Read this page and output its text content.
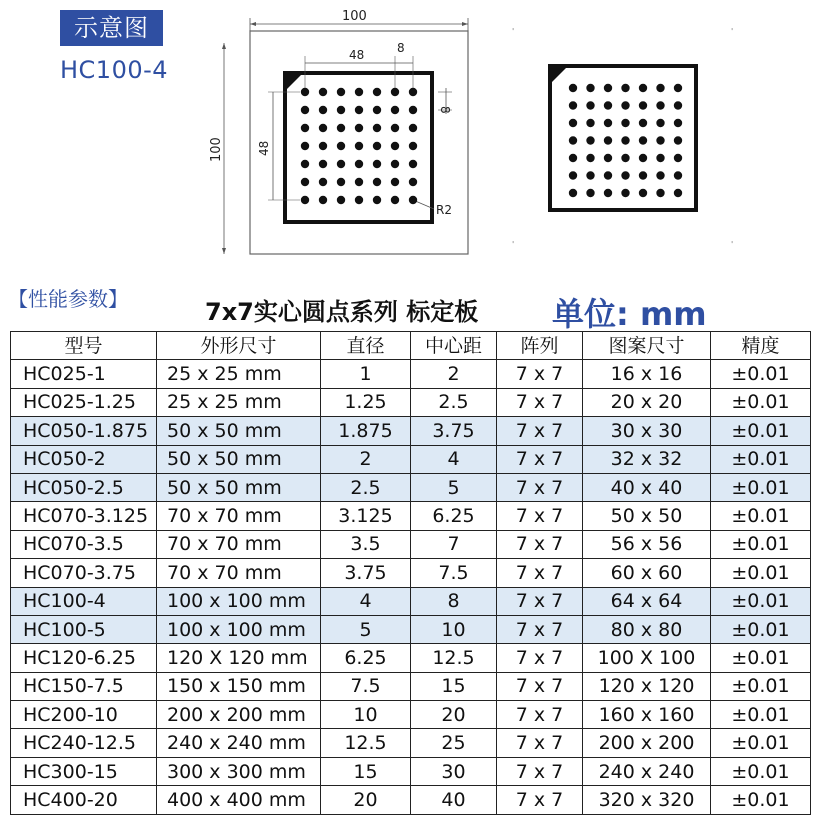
示意图
HC100-4
100
100
48	8
8
48
R2
'	'
'	'
【性能参数】	7x7实心圆点系列 标定板 单位: mm
型号	外形尺寸	直径	中心距	阵列	图案尺寸	精度
HC025-1	25 x 25 mm	1	2	7 x 7	16 x 16	±0.01
HC025-1.25	25 x 25 mm	1.25	2.5	7 x 7	20 x 20	±0.01
HC050-1.875	50 x 50 mm	1.875	3.75	7 x 7	30 x 30	±0.01
HC050-2	50 x 50 mm	2	4	7 x 7	32 x 32	±0.01
HC050-2.5	50 x 50 mm	2.5	5	7 x 7	40 x 40	±0.01
HC070-3.125	70 x 70 mm	3.125	6.25	7 x 7	50 x 50	±0.01
HC070-3.5	70 x 70 mm	3.5	7	7 x 7	56 x 56	±0.01
HC070-3.75	70 x 70 mm	3.75	7.5	7 x 7	60 x 60	±0.01
HC100-4	100 x 100 mm	4	8	7 x 7	64 x 64	±0.01
HC100-5	100 x 100 mm	5	10	7 x 7	80 x 80	±0.01
HC120-6.25	120 X 120 mm	6.25	12.5	7 x 7	100 X 100	±0.01
HC150-7.5	150 x 150 mm	7.5	15	7 x 7	120 x 120	±0.01
HC200-10	200 x 200 mm	10	20	7 x 7	160 x 160	±0.01
HC240-12.5	240 x 240 mm	12.5	25	7 x 7	200 x 200	±0.01
HC300-15	300 x 300 mm	15	30	7 x 7	240 x 240	±0.01
HC400-20	400 x 400 mm	20	40	7 x 7	320 x 320	±0.01
